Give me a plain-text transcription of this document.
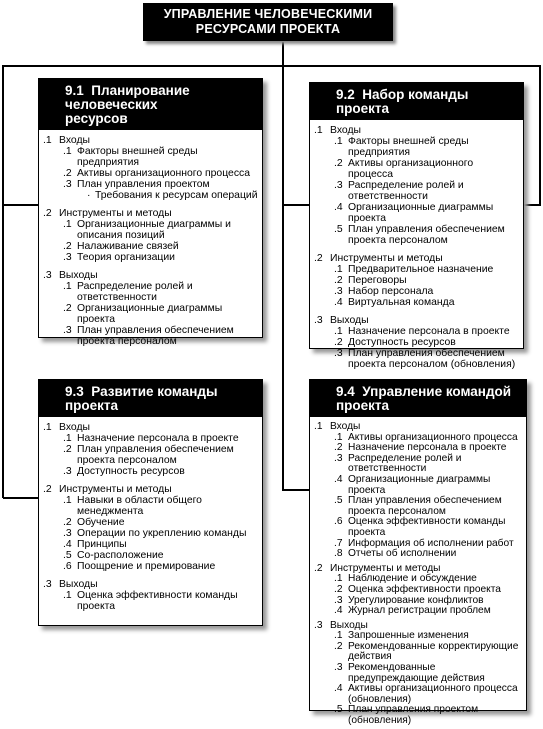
УПРАВЛЕНИЕ ЧЕЛОВЕЧЕСКИМИ
РЕСУРСАМИ ПРОЕКТА
9.1 Планирование
человеческих
ресурсов
.1 Входы
.1 Факторы внешней среды предприятия
.2 Активы организационного процесса
.3 План управления проектом
· Требования к ресурсам операций
.2 Инструменты и методы
.1 Организационные диаграммы и описания позиций
.2 Налаживание связей
.3 Теория организации
.3 Выходы
.1 Распределение ролей и ответственности
.2 Организационные диаграммы проекта
.3 План управления обеспечением проекта персоналом
9.2 Набор команды
проекта
.1 Входы
.1 Факторы внешней среды предприятия
.2 Активы организационного процесса
.3 Распределение ролей и ответственности
.4 Организационные диаграммы проекта
.5 План управления обеспечением проекта персоналом
.2 Инструменты и методы
.1 Предварительное назначение
.2 Переговоры
.3 Набор персонала
.4 Виртуальная команда
.3 Выходы
.1 Назначение персонала в проекте
.2 Доступность ресурсов
.3 План управления обеспечением проекта персоналом (обновления)
9.3 Развитие команды
проекта
.1 Входы
.1 Назначение персонала в проекте
.2 План управления обеспечением проекта персоналом
.3 Доступность ресурсов
.2 Инструменты и методы
.1 Навыки в области общего менеджмента
.2 Обучение
.3 Операции по укреплению команды
.4 Принципы
.5 Со-расположение
.6 Поощрение и премирование
.3 Выходы
.1 Оценка эффективности команды проекта
9.4 Управление командой
проекта
.1 Входы
.1 Активы организационного процесса
.2 Назначение персонала в проекте
.3 Распределение ролей и ответственности
.4 Организационные диаграммы проекта
.5 План управления обеспечением проекта персоналом
.6 Оценка эффективности команды проекта
.7 Информация об исполнении работ
.8 Отчеты об исполнении
.2 Инструменты и методы
.1 Наблюдение и обсуждение
.2 Оценка эффективности проекта
.3 Урегулирование конфликтов
.4 Журнал регистрации проблем
.3 Выходы
.1 Запрошенные изменения
.2 Рекомендованные корректирующие действия
.3 Рекомендованные предупреждающие действия
.4 Активы организационного процесса (обновления)
.5 План управления проектом (обновления)
